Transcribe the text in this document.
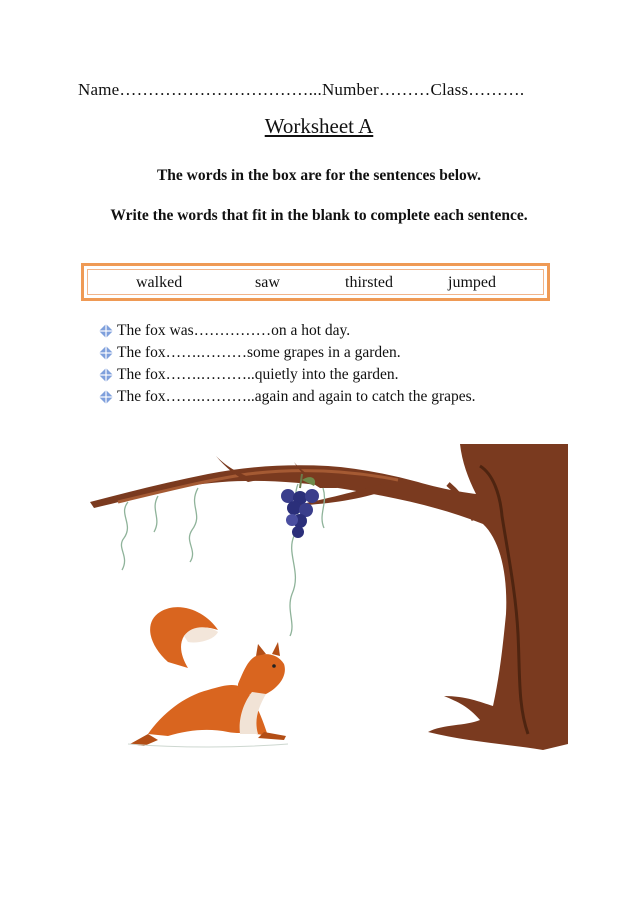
Name……………………………...Number………Class……….
Worksheet A
The words in the box are for the sentences below.
Write the words that fit in the blank to complete each sentence.
walked	saw	thirsted	jumped
The fox was……………on a hot day.
The fox…….………some grapes in a garden.
The fox…….………..quietly into the garden.
The fox…….………..again and again to catch the grapes.
